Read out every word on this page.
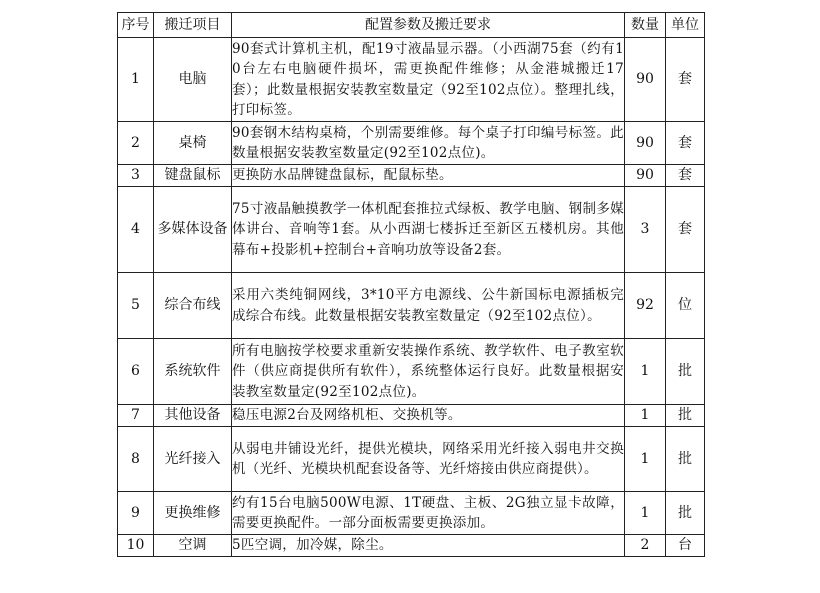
序号	搬迁项目	配置参数及搬迁要求	数量	单位
1	电脑	90套式计算机主机，配19寸液晶显示器。（小西湖75套（约有10台左右电脑硬件损坏，需更换配件维修；从金港城搬迁17套）；此数量根据安装教室数量定（92至102点位）。整理扎线，打印标签。	90	套
2	桌椅	90套钢木结构桌椅，个别需要维修。每个桌子打印编号标签。此数量根据安装教室数量定(92至102点位)。	90	套
3	键盘鼠标	更换防水品牌键盘鼠标，配鼠标垫。	90	套
4	多媒体设备	75寸液晶触摸教学一体机配套推拉式绿板、教学电脑、钢制多媒体讲台、音响等1套。从小西湖七楼拆迁至新区五楼机房。其他幕布+投影机+控制台+音响功放等设备2套。	3	套
5	综合布线	采用六类纯铜网线，3*10平方电源线、公牛新国标电源插板完成综合布线。此数量根据安装教室数量定（92至102点位）。	92	位
6	系统软件	所有电脑按学校要求重新安装操作系统、教学软件、电子教室软件（供应商提供所有软件），系统整体运行良好。此数量根据安装教室数量定(92至102点位)。	1	批
7	其他设备	稳压电源2台及网络机柜、交换机等。	1	批
8	光纤接入	从弱电井铺设光纤，提供光模块，网络采用光纤接入弱电井交换机（光纤、光模块机配套设备等、光纤熔接由供应商提供）。	1	批
9	更换维修	约有15台电脑500W电源、1T硬盘、主板、2G独立显卡故障，需要更换配件。一部分面板需要更换添加。	1	批
10	空调	5匹空调，加冷媒，除尘。	2	台
